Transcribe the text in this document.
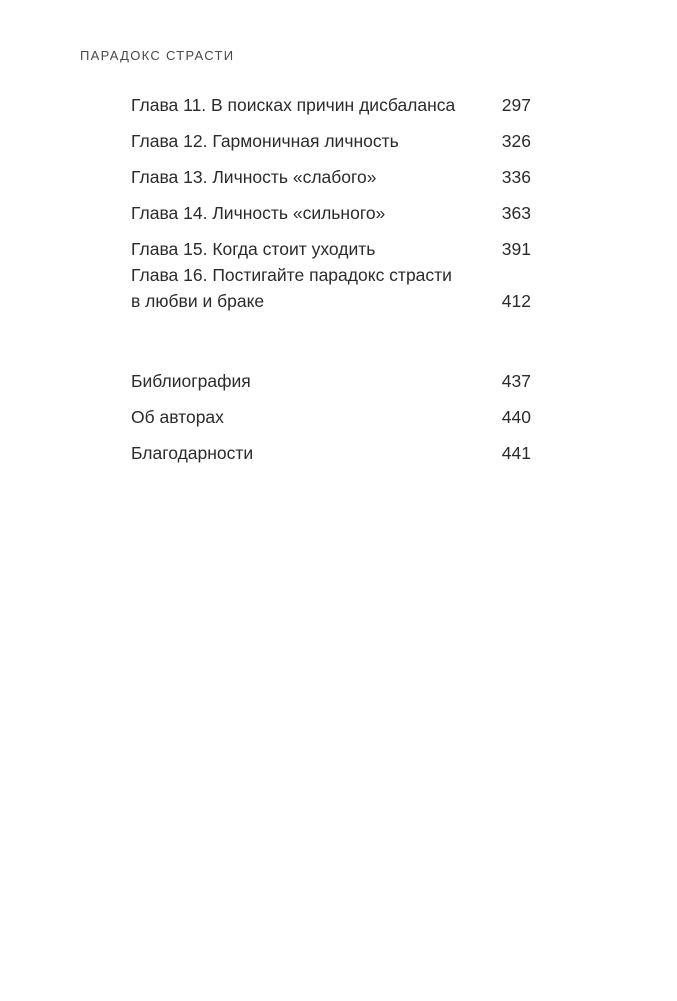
ПАРАДОКС СТРАСТИ
Глава 11. В поисках причин дисбаланса	297
Глава 12. Гармоничная личность	326
Глава 13. Личность «слабого»	336
Глава 14. Личность «сильного»	363
Глава 15. Когда стоит уходить	391
Глава 16. Постигайте парадокс страсти
в любви и браке	412
Библиография	437
Об авторах	440
Благодарности	441
